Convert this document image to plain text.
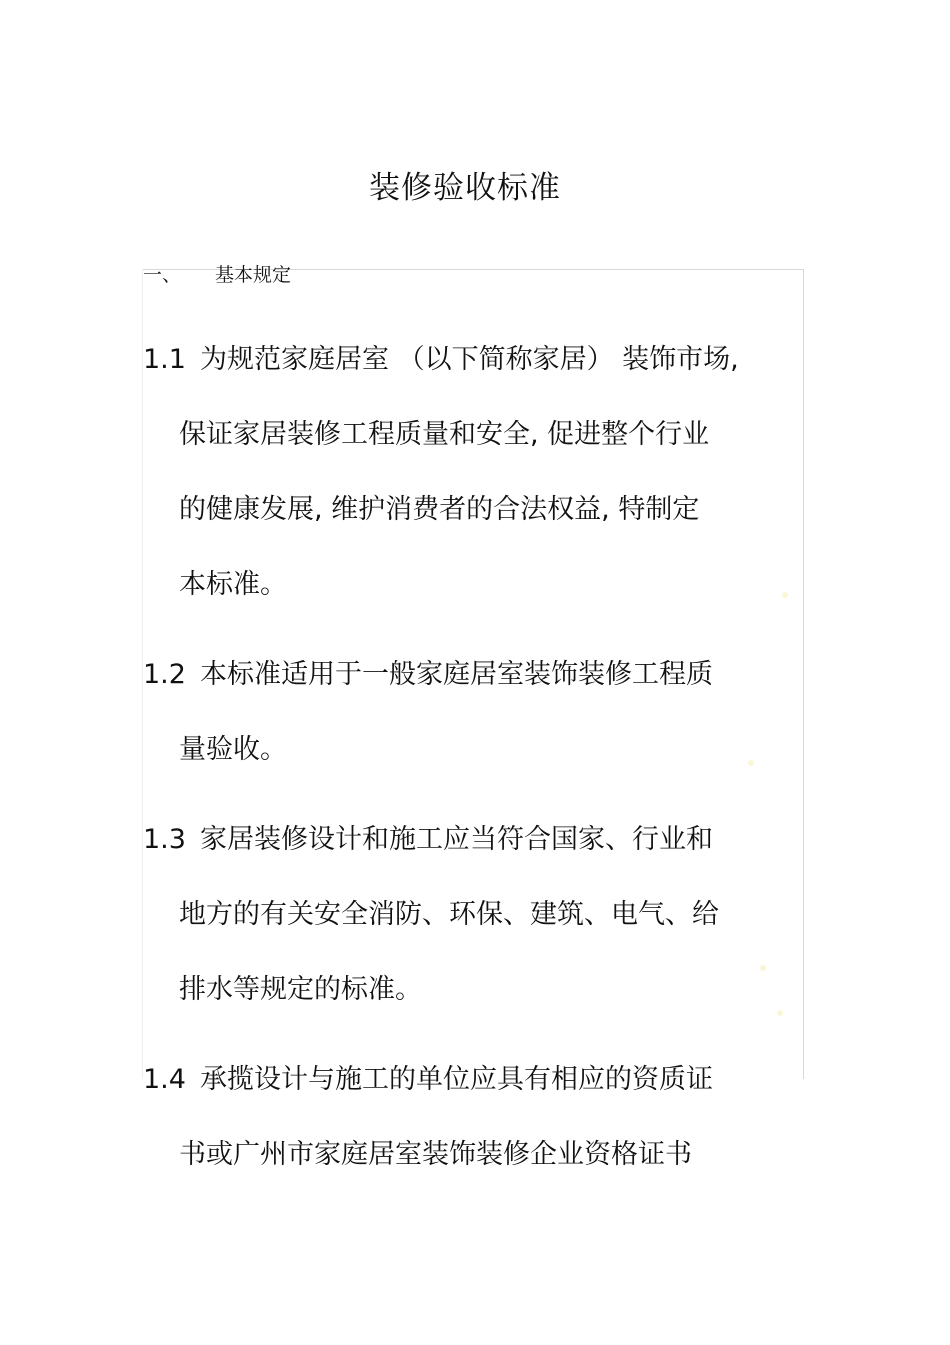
装修验收标准
一、 基本规定
1.1 为规范家庭居室 （以下简称家居） 装饰市场,
保证家居装修工程质量和安全, 促进整个行业
的健康发展, 维护消费者的合法权益, 特制定
本标准。
1.2 本标准适用于一般家庭居室装饰装修工程质
量验收。
1.3 家居装修设计和施工应当符合国家、行业和
地方的有关安全消防、环保、建筑、电气、给
排水等规定的标准。
1.4 承揽设计与施工的单位应具有相应的资质证
书或广州市家庭居室装饰装修企业资格证书
